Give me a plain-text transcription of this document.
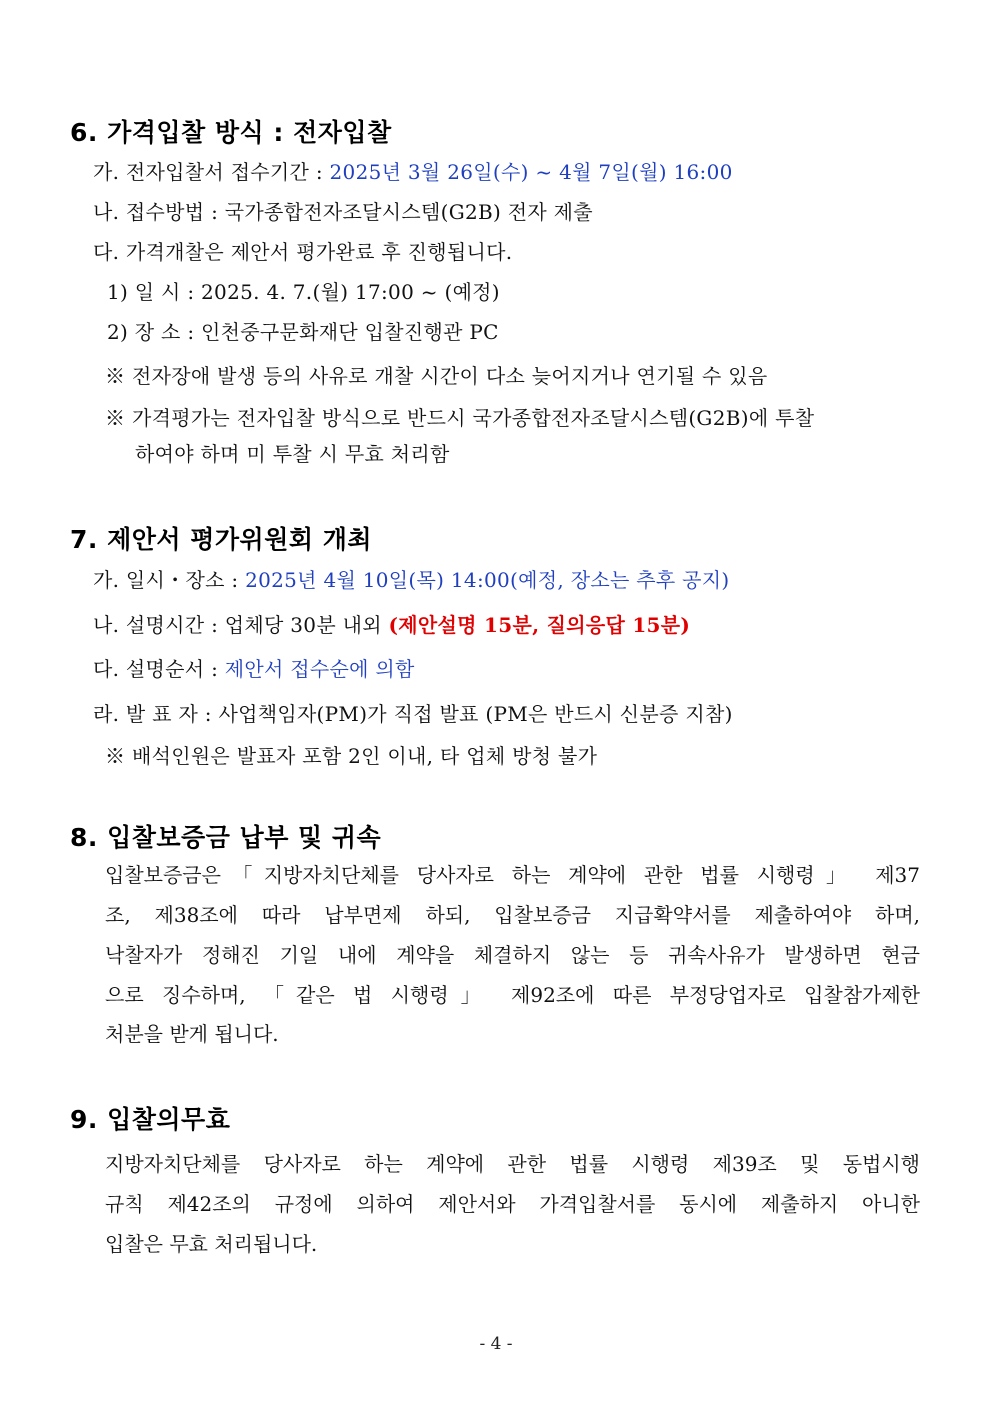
6. 가격입찰 방식 : 전자입찰
가. 전자입찰서 접수기간 : 2025년 3월 26일(수) ~ 4월 7일(월) 16:00
나. 접수방법 : 국가종합전자조달시스템(G2B) 전자 제출
다. 가격개찰은 제안서 평가완료 후 진행됩니다.
1) 일 시 : 2025. 4. 7.(월) 17:00 ~ (예정)
2) 장 소 : 인천중구문화재단 입찰진행관 PC
※ 전자장애 발생 등의 사유로 개찰 시간이 다소 늦어지거나 연기될 수 있음
※ 가격평가는 전자입찰 방식으로 반드시 국가종합전자조달시스템(G2B)에 투찰
하여야 하며 미 투찰 시 무효 처리함
7. 제안서 평가위원회 개최
가. 일시・장소 : 2025년 4월 10일(목) 14:00(예정, 장소는 추후 공지)
나. 설명시간 : 업체당 30분 내외 (제안설명 15분, 질의응답 15분)
다. 설명순서 : 제안서 접수순에 의함
라. 발 표 자 : 사업책임자(PM)가 직접 발표 (PM은 반드시 신분증 지참)
※ 배석인원은 발표자 포함 2인 이내, 타 업체 방청 불가
8. 입찰보증금 납부 및 귀속
입찰보증금은「지방자치단체를 당사자로 하는 계약에 관한 법률 시행령」 제37
조, 제38조에 따라 납부면제 하되, 입찰보증금 지급확약서를 제출하여야 하며,
낙찰자가 정해진 기일 내에 계약을 체결하지 않는 등 귀속사유가 발생하면 현금
으로 징수하며, 「같은 법 시행령」 제92조에 따른 부정당업자로 입찰참가제한
처분을 받게 됩니다.
9. 입찰의무효
지방자치단체를 당사자로 하는 계약에 관한 법률 시행령 제39조 및 동법시행
규칙 제42조의 규정에 의하여 제안서와 가격입찰서를 동시에 제출하지 아니한
입찰은 무효 처리됩니다.
- 4 -
